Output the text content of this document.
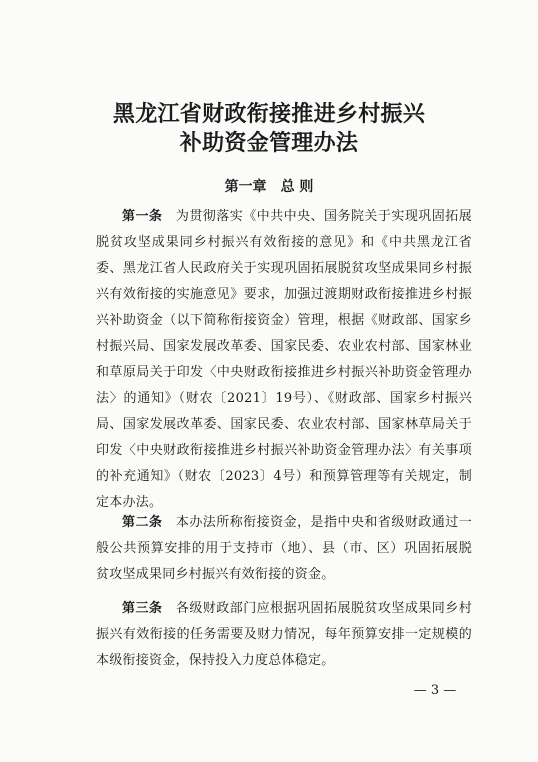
黑龙江省财政衔接推进乡村振兴
补助资金管理办法
第一章 总 则

第一条　 为贯彻落实《中共中央、国务院关于实现巩固拓展脱贫攻坚成果同乡村振兴有效衔接的意见》和《中共黑龙江省委、黑龙江省人民政府关于实现巩固拓展脱贫攻坚成果同乡村振兴有效衔接的实施意见》要求，加强过渡期财政衔接推进乡村振兴补助资金（以下简称衔接资金）管理，根据《财政部、国家乡村振兴局、国家发展改革委、国家民委、农业农村部、国家林业和草原局关于印发〈中央财政衔接推进乡村振兴补助资金管理办法〉的通知》（财农〔2021〕19号）、《财政部、国家乡村振兴局、国家发展改革委、国家民委、农业农村部、国家林草局关于印发〈中央财政衔接推进乡村振兴补助资金管理办法〉有关事项的补充通知》（财农〔2023〕4号）和预算管理等有关规定，制定本办法。

第二条　 本办法所称衔接资金，是指中央和省级财政通过一般公共预算安排的用于支持市（地）、县（市、区）巩固拓展脱贫攻坚成果同乡村振兴有效衔接的资金。

第三条　 各级财政部门应根据巩固拓展脱贫攻坚成果同乡村振兴有效衔接的任务需要及财力情况，每年预算安排一定规模的本级衔接资金，保持投入力度总体稳定。

— 3 —
